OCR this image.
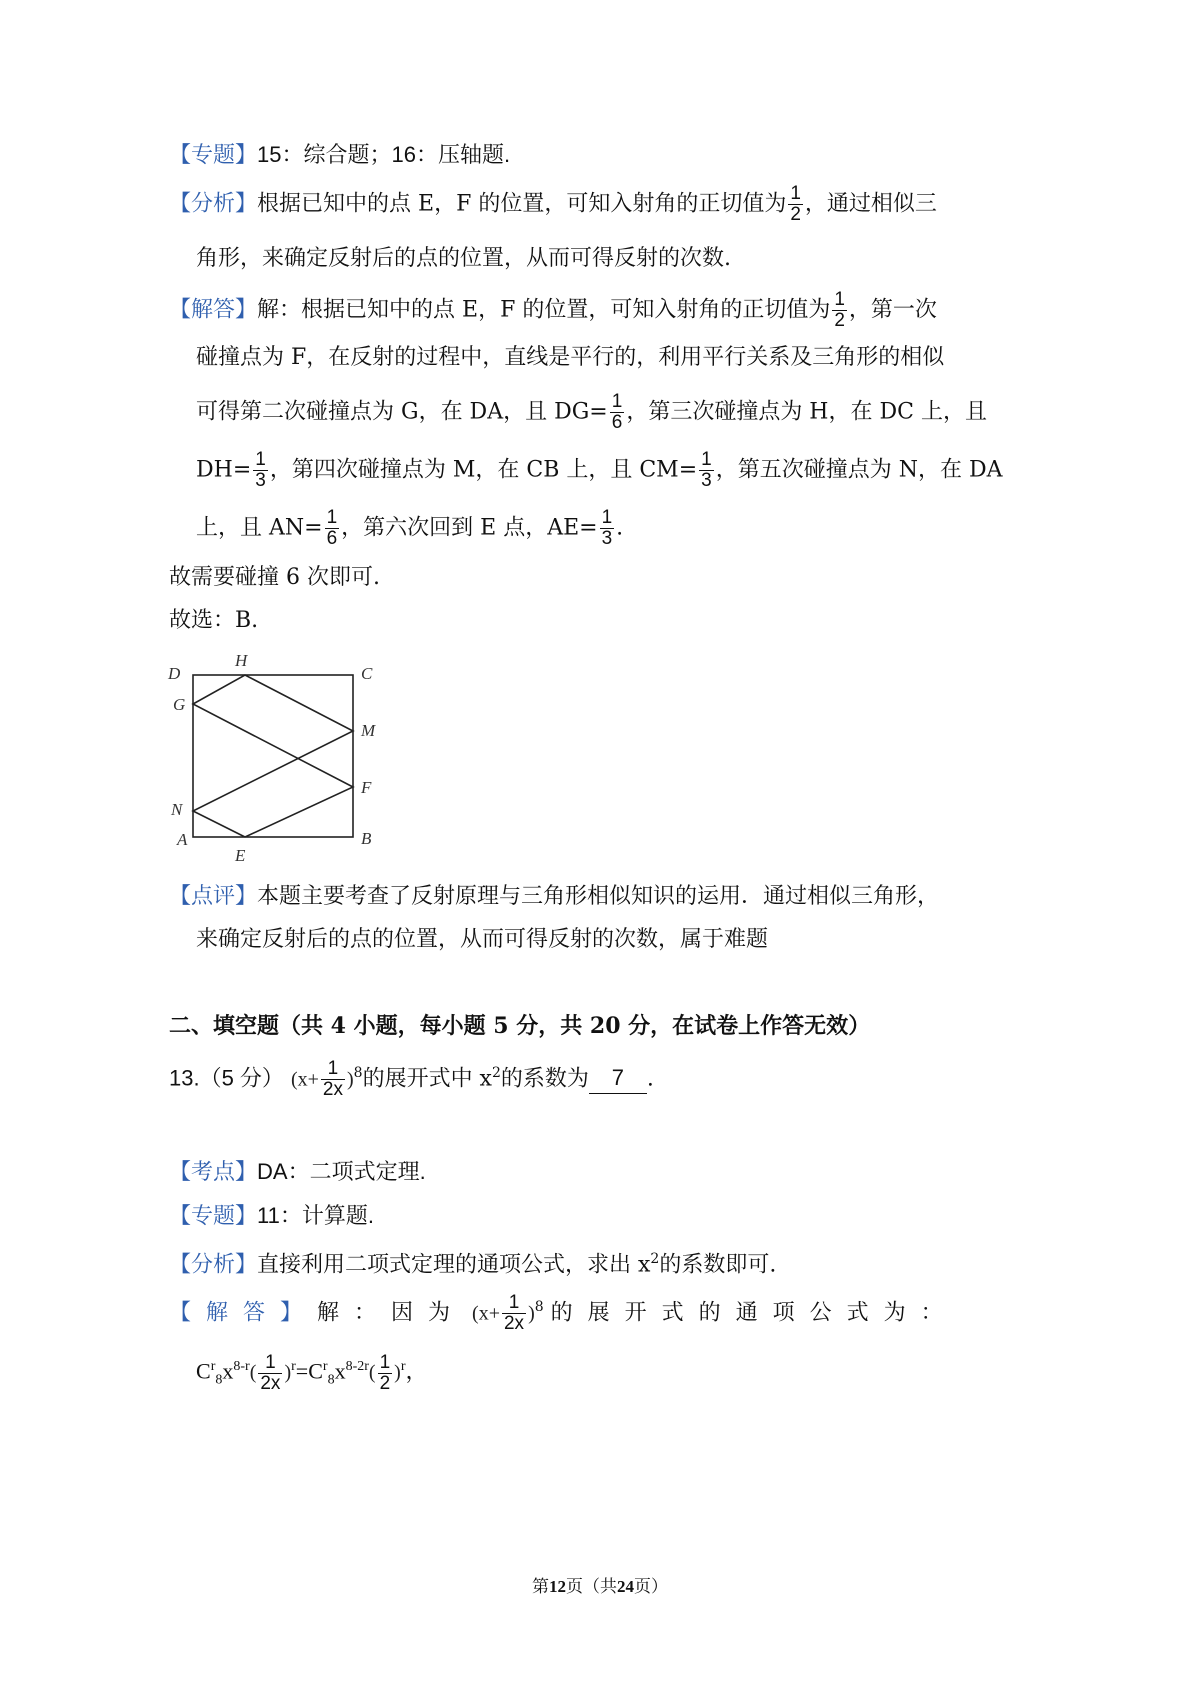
【专题】15：综合题；16：压轴题.
【分析】根据已知中的点 E，F 的位置，可知入射角的正切值为 $\frac{1}{2}$ ，通过相似三
角形，来确定反射后的点的位置，从而可得反射的次数.
【解答】解：根据已知中的点 E，F 的位置，可知入射角的正切值为 $\frac{1}{2}$ ，第一次
碰撞点为 F，在反射的过程中，直线是平行的，利用平行关系及三角形的相似
可得第二次碰撞点为 G，在 DA，且 $DG= \frac{1}{6}$ ，第三次碰撞点为 H，在 DC 上，且
$DH= \frac{1}{3}$ ，第四次碰撞点为 M，在 CB 上，且 $CM= \frac{1}{3}$ ，第五次碰撞点为 N，在 DA
上，且 $AN= \frac{1}{6}$ ，第六次回到 E 点，$AE= \frac{1}{3}$ .
故需要碰撞 6 次即可.
故选：B.
D
H
C
G
M
F
N
A	B
E
【点评】本题主要考查了反射原理与三角形相似知识的运用．通过相似三角形，
来确定反射后的点的位置，从而可得反射的次数，属于难题
二、填空题（共 4 小题，每小题 5 分，共 20 分，在试卷上作答无效）
13.（5 分） $(x+ \frac{1}{2x} )^8$的展开式中 $x^2$的系数为 7 .
【考点】DA：二项式定理.
【专题】11：计算题.
【分析】直接利用二项式定理的通项公式，求出 $x^2$的系数即可.
【解答】解：因为 $(x+ \frac{1}{2x} )^8$ 的展开式的通项公式为：
$C^r_8x^{8-r}( \frac{1}{2x} )^r=C^r_8x^{8-2r}( \frac{1}{2} )^r$，
第12页（共24页）
